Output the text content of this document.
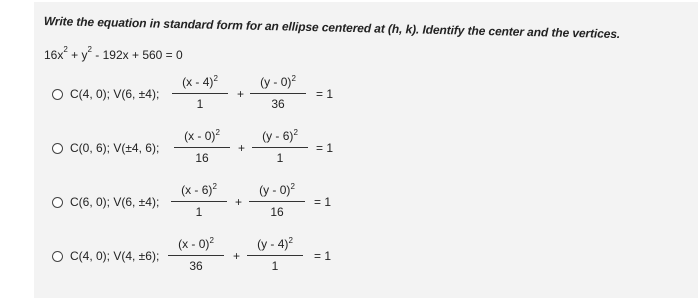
Write the equation in standard form for an ellipse centered at (h, k). Identify the center and the vertices.
$16x^2 + y^2 - 192x + 560 = 0$
C(4, 0); V(6, ±4);
(x - 4)$^2$
1
+
(y - 0)$^2$
36
= 1
C(0, 6); V(±4, 6);
(x - 0)$^2$
16
+
(y - 6)$^2$
1
= 1
C(6, 0); V(6, ±4);
(x - 6)$^2$
1
+
(y - 0)$^2$
16
= 1
C(4, 0); V(4, ±6);
(x - 0)$^2$
36
+
(y - 4)$^2$
1
= 1
